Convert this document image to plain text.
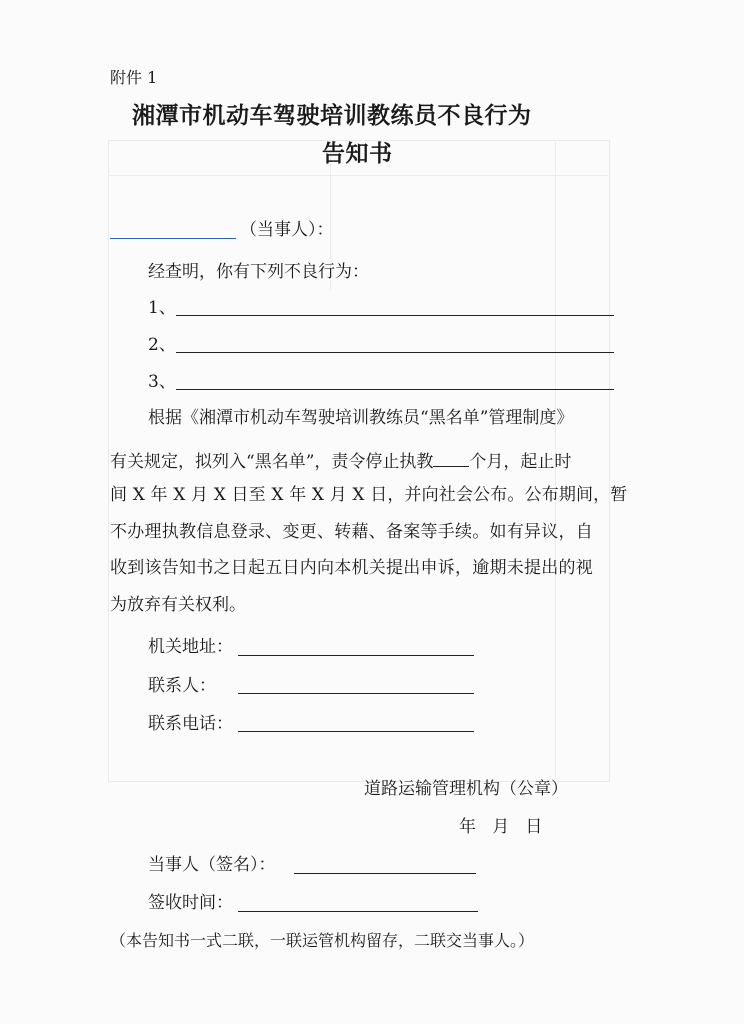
附件 1
湘潭市机动车驾驶培训教练员不良行为
告知书
（当事人）：
经查明，你有下列不良行为：
1、
2、
3、
根据《湘潭市机动车驾驶培训教练员“黑名单”管理制度》
有关规定，拟列入“黑名单”，责令停止执教 个月，起止时
间 X 年 X 月 X 日至 X 年 X 月 X 日，并向社会公布。公布期间，暂
不办理执教信息登录、变更、转藉、备案等手续。如有异议，自
收到该告知书之日起五日内向本机关提出申诉，逾期未提出的视
为放弃有关权利。
机关地址：
联系人：
联系电话：
道路运输管理机构（公章）
年   月   日
当事人（签名）：
签收时间：
（本告知书一式二联，一联运管机构留存，二联交当事人。）
